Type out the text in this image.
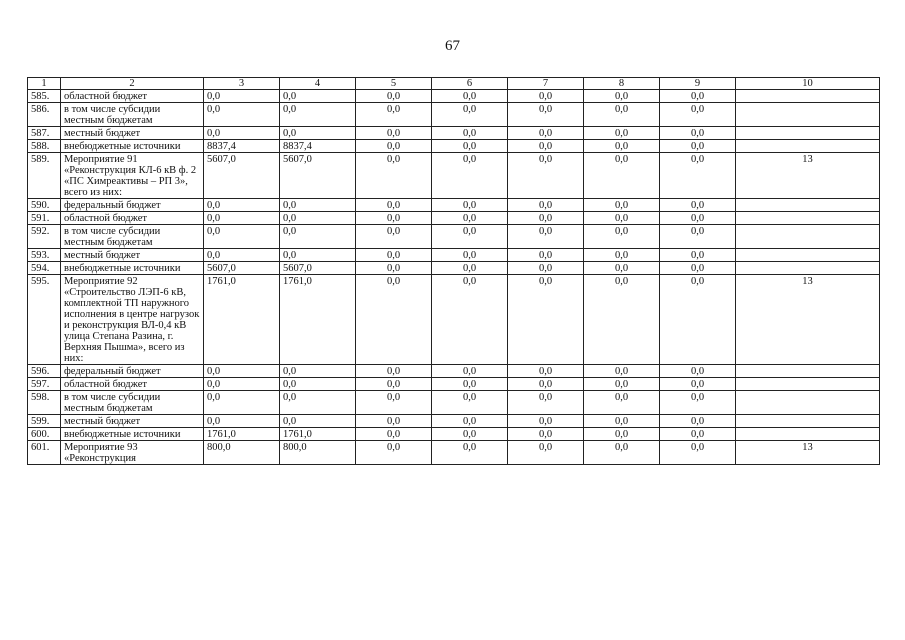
67
1	2	3	4	5	6	7	8	9	10
585.	областной бюджет	0,0	0,0	0,0	0,0	0,0	0,0	0,0	
586.	в том числе субсидии местным бюджетам	0,0	0,0	0,0	0,0	0,0	0,0	0,0	
587.	местный бюджет	0,0	0,0	0,0	0,0	0,0	0,0	0,0	
588.	внебюджетные источники	8837,4	8837,4	0,0	0,0	0,0	0,0	0,0	
589.	Мероприятие 91 «Реконструкция КЛ-6 кВ ф. 2 «ПС Химреактивы – РП 3», всего из них:	5607,0	5607,0	0,0	0,0	0,0	0,0	0,0	13
590.	федеральный бюджет	0,0	0,0	0,0	0,0	0,0	0,0	0,0	
591.	областной бюджет	0,0	0,0	0,0	0,0	0,0	0,0	0,0	
592.	в том числе субсидии местным бюджетам	0,0	0,0	0,0	0,0	0,0	0,0	0,0	
593.	местный бюджет	0,0	0,0	0,0	0,0	0,0	0,0	0,0	
594.	внебюджетные источники	5607,0	5607,0	0,0	0,0	0,0	0,0	0,0	
595.	Мероприятие 92 «Строительство ЛЭП-6 кВ, комплектной ТП наружного исполнения в центре нагрузок и реконструкция ВЛ-0,4 кВ улица Степана Разина, г. Верхняя Пышма», всего из них:	1761,0	1761,0	0,0	0,0	0,0	0,0	0,0	13
596.	федеральный бюджет	0,0	0,0	0,0	0,0	0,0	0,0	0,0	
597.	областной бюджет	0,0	0,0	0,0	0,0	0,0	0,0	0,0	
598.	в том числе субсидии местным бюджетам	0,0	0,0	0,0	0,0	0,0	0,0	0,0	
599.	местный бюджет	0,0	0,0	0,0	0,0	0,0	0,0	0,0	
600.	внебюджетные источники	1761,0	1761,0	0,0	0,0	0,0	0,0	0,0	
601.	Мероприятие 93 «Реконструкция	800,0	800,0	0,0	0,0	0,0	0,0	0,0	13
